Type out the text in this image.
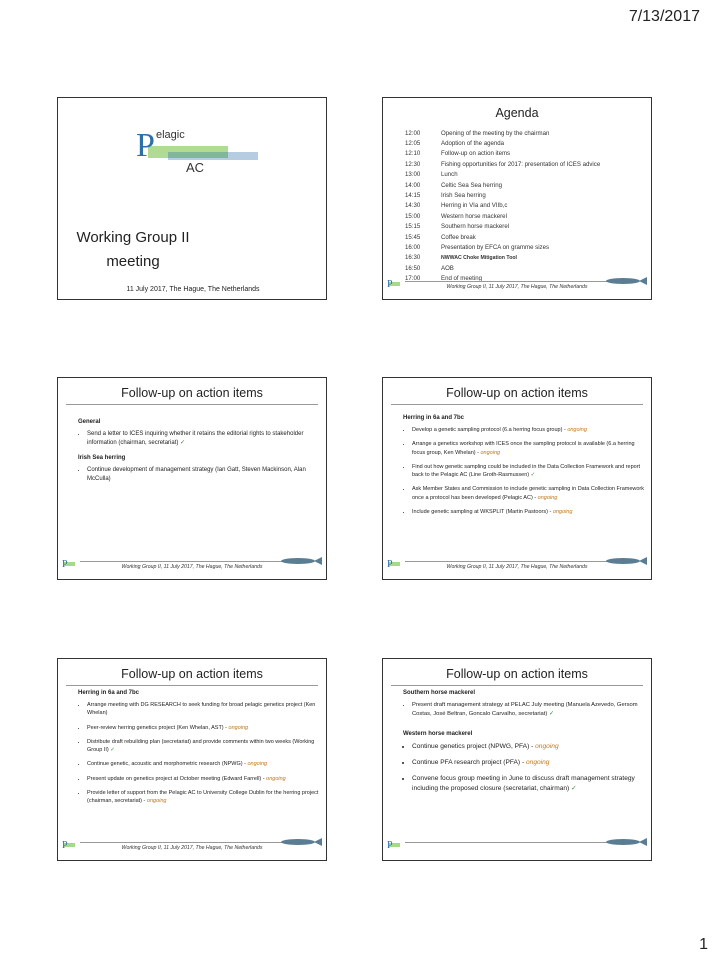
7/13/2017
P elagic
AC
Working Group II
meeting
11 July 2017, The Hague, The Netherlands
Agenda
12:00	Opening of the meeting by the chairman
12:05	Adoption of the agenda
12:10	Follow-up on action items
12:30	Fishing opportunities for 2017: presentation of ICES advice
13:00	Lunch
14:00	Celtic Sea Sea herring
14:15	Irish Sea herring
14:30	Herring in VIa and VIIb,c
15:00	Western horse mackerel
15:15	Southern horse mackerel
15:45	Coffee break
16:00	Presentation by EFCA on gramme sizes
16:30	NWWAC Choke Mitigation Tool
16:50	AOB
17:00	End of meeting
P	Working Group II, 11 July 2017, The Hague, The Netherlands
Follow-up on action items
General
• Send a letter to ICES inquiring whether it retains the editorial rights to stakeholder information (chairman, secretariat) ✓
Irish Sea herring
• Continue development of management strategy (Ian Gatt, Steven Mackinson, Alan McCulla)
P	Working Group II, 11 July 2017, The Hague, The Netherlands
Follow-up on action items
Herring in 6a and 7bc
• Develop a genetic sampling protocol (6.a herring focus group) - ongoing
• Arrange a genetics workshop with ICES once the sampling protocol is available (6.a herring focus group, Ken Whelan) - ongoing
• Find out how genetic sampling could be included in the Data Collection Framework and report back to the Pelagic AC (Line Groth-Rasmussen) ✓
• Ask Member States and Commission to include genetic sampling in Data Collection Framework once a protocol has been developed (Pelagic AC) - ongoing
• Include genetic sampling at WKSPLIT (Martin Pastoors) - ongoing
P	Working Group II, 11 July 2017, The Hague, The Netherlands
Follow-up on action items
Herring in 6a and 7bc
• Arrange meeting with DG RESEARCH to seek funding for broad pelagic genetics project (Ken Whelan)
• Peer-review herring genetics project (Ken Whelan, AST) - ongoing
• Distribute draft rebuilding plan (secretariat) and provide comments within two weeks (Working Group II) ✓
• Continue genetic, acoustic and morphometric research (NPWG) - ongoing
• Present update on genetics project at October meeting (Edward Farrell) - ongoing
• Provide letter of support from the Pelagic AC to University College Dublin for the herring project (chairman, secretariat) - ongoing
P	Working Group II, 11 July 2017, The Hague, The Netherlands
Follow-up on action items
Southern horse mackerel
• Present draft management strategy at PELAC July meeting (Manuela Azevedo, Gersom Costas, José Beltran, Goncalo Carvalho, secretariat) ✓
Western horse mackerel
• Continue genetics project (NPWG, PFA) - ongoing
• Continue PFA research project (PFA) - ongoing
• Convene focus group meeting in June to discuss draft management strategy including the proposed closure (secretariat, chairman) ✓
P
1
